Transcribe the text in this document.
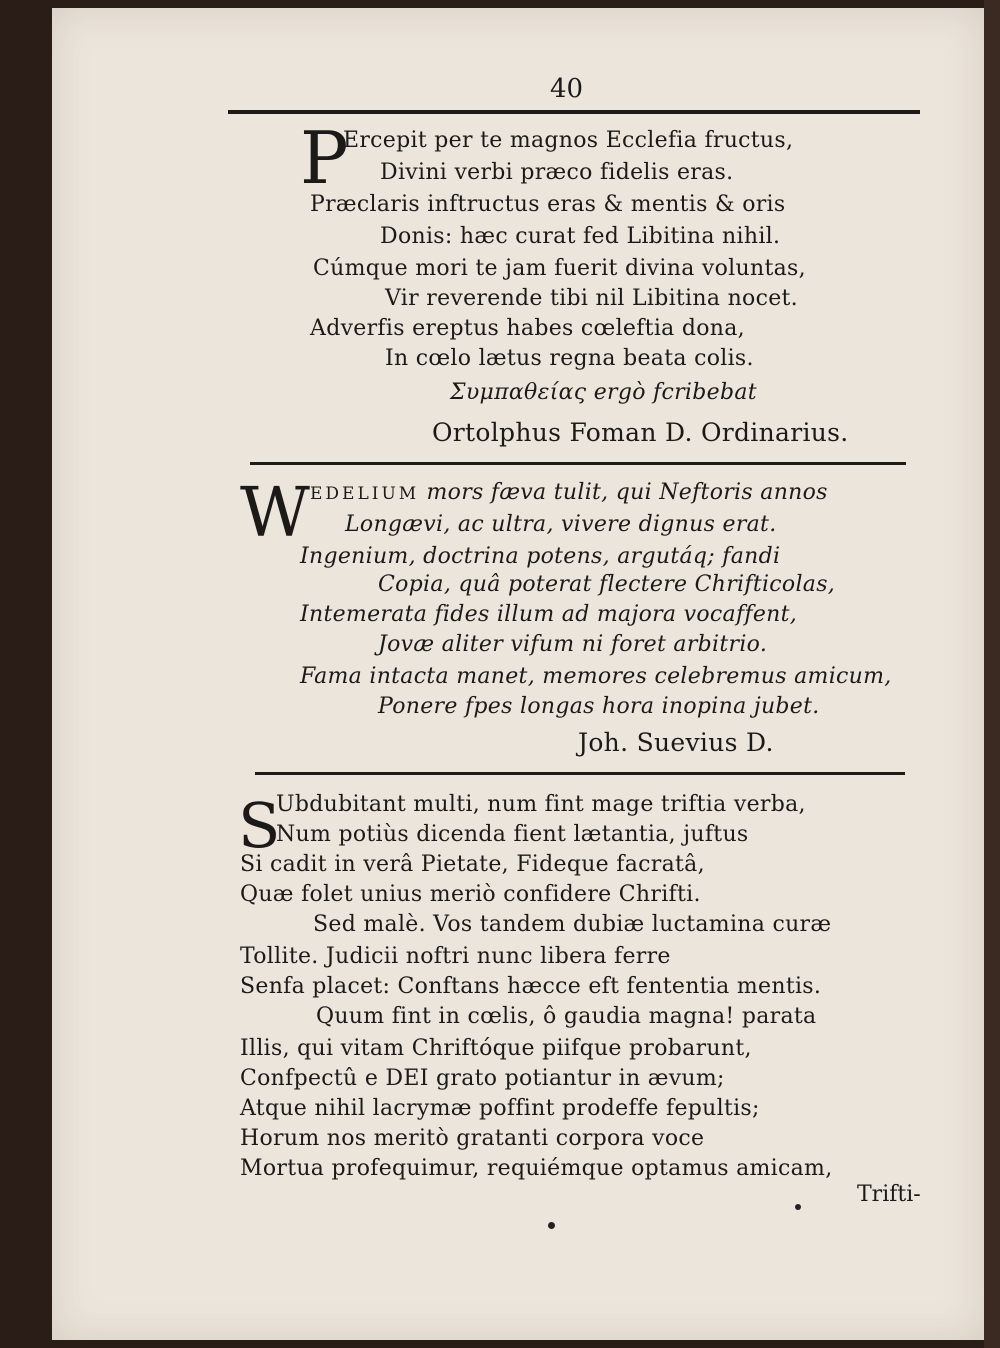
40
P
Ercepit per te magnos Ecclefia fructus,
Divini verbi præco fidelis eras.
Præclaris inftructus eras & mentis & oris
Donis: hæc curat fed Libitina nihil.
Cúmque mori te jam fuerit divina voluntas,
Vir reverende tibi nil Libitina nocet.
Adverfis ereptus habes cœleftia dona,
In cœlo lætus regna beata colis.
Συμπαθείας ergò fcribebat
Ortolphus Foman D. Ordinarius.
W EDELIUM mors fæva tulit, qui Neftoris annos
Longævi, ac ultra, vivere dignus erat.
Ingenium, doctrina potens, argutáq; fandi
Copia, quâ poterat flectere Chrifticolas,
Intemerata fides illum ad majora vocaffent,
Jovæ aliter vifum ni foret arbitrio.
Fama intacta manet, memores celebremus amicum,
Ponere fpes longas hora inopina jubet.
Joh. Suevius D.
S
Ubdubitant multi, num fint mage triftia verba,
Num potiùs dicenda fient lætantia, juftus
Si cadit in verâ Pietate, Fideque facratâ,
Quæ folet unius meriò confidere Chrifti.
Sed malè. Vos tandem dubiæ luctamina curæ
Tollite. Judicii noftri nunc libera ferre
Senfa placet: Conftans hæcce eft fententia mentis.
Quum fint in cœlis, ô gaudia magna! parata
Illis, qui vitam Chriftóque piifque probarunt,
Confpectû e DEI grato potiantur in ævum;
Atque nihil lacrymæ poffint prodeffe fepultis;
Horum nos meritò gratanti corpora voce
Mortua profequimur, requiémque optamus amicam,
Trifti-
